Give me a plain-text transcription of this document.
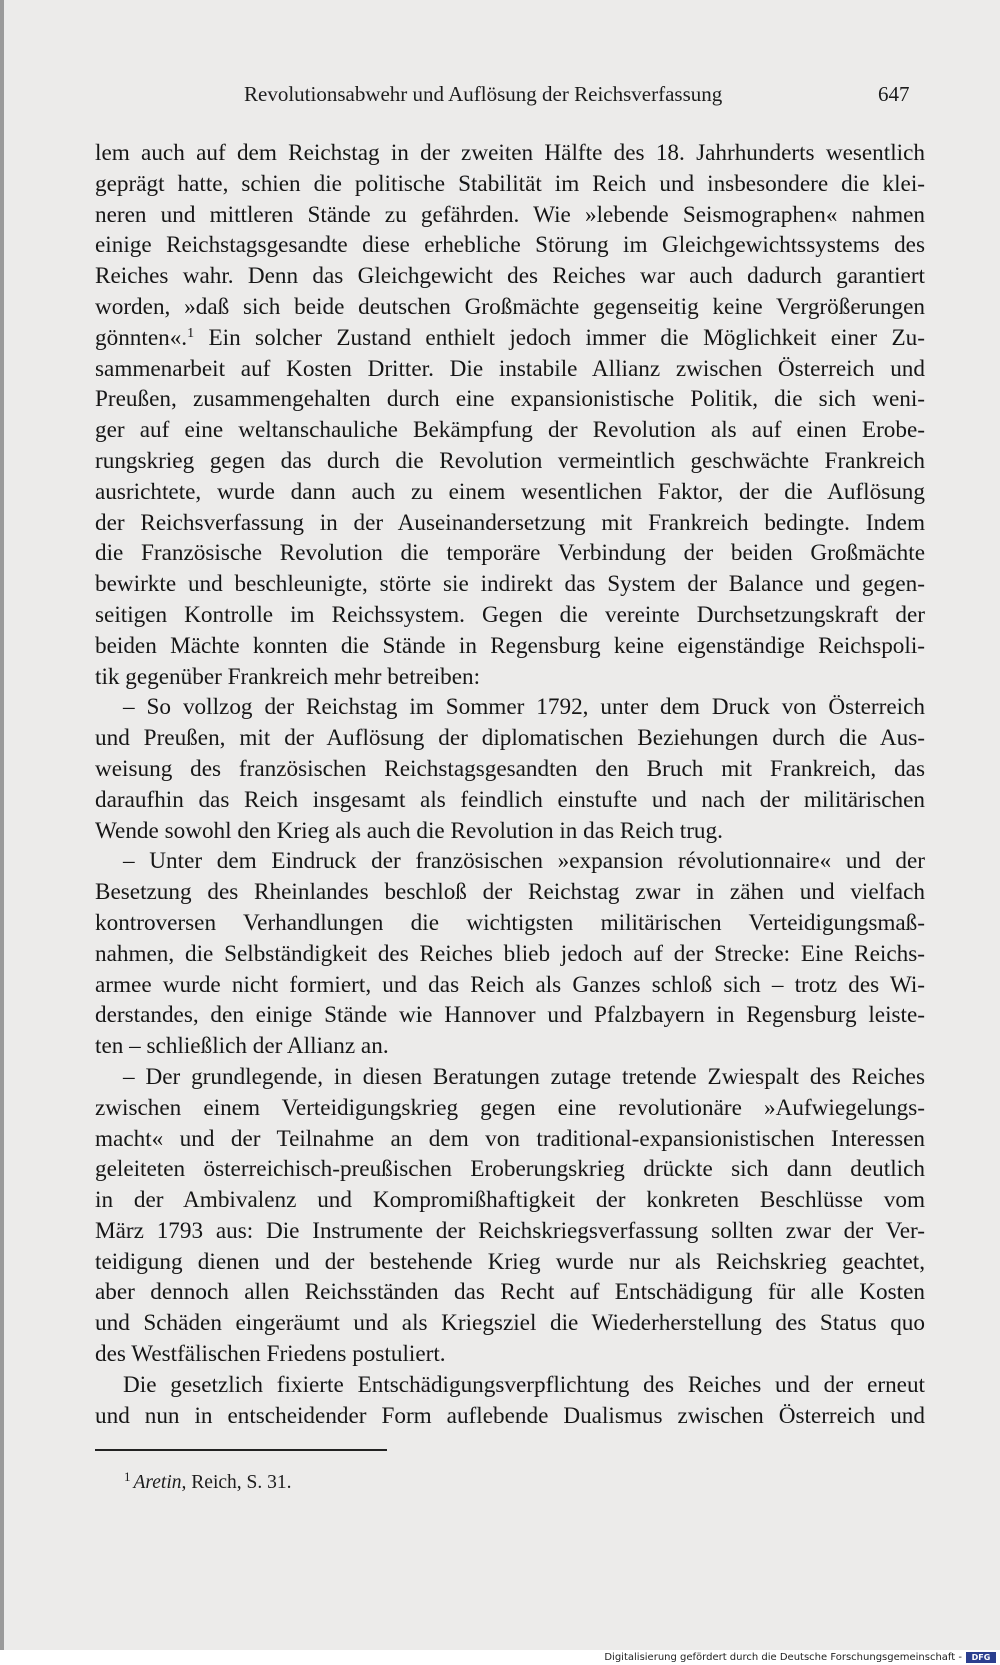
Revolutionsabwehr und Auflösung der Reichsverfassung	647
lem auch auf dem Reichstag in der zweiten Hälfte des 18. Jahrhunderts wesentlich
geprägt hatte, schien die politische Stabilität im Reich und insbesondere die klei-
neren und mittleren Stände zu gefährden. Wie »lebende Seismographen« nahmen
einige Reichstagsgesandte diese erhebliche Störung im Gleichgewichtssystems des
Reiches wahr. Denn das Gleichgewicht des Reiches war auch dadurch garantiert
worden, »daß sich beide deutschen Großmächte gegenseitig keine Vergrößerungen
gönnten«.$^1$ Ein solcher Zustand enthielt jedoch immer die Möglichkeit einer Zu-
sammenarbeit auf Kosten Dritter. Die instabile Allianz zwischen Österreich und
Preußen, zusammengehalten durch eine expansionistische Politik, die sich weni-
ger auf eine weltanschauliche Bekämpfung der Revolution als auf einen Erobe-
rungskrieg gegen das durch die Revolution vermeintlich geschwächte Frankreich
ausrichtete, wurde dann auch zu einem wesentlichen Faktor, der die Auflösung
der Reichsverfassung in der Auseinandersetzung mit Frankreich bedingte. Indem
die Französische Revolution die temporäre Verbindung der beiden Großmächte
bewirkte und beschleunigte, störte sie indirekt das System der Balance und gegen-
seitigen Kontrolle im Reichssystem. Gegen die vereinte Durchsetzungskraft der
beiden Mächte konnten die Stände in Regensburg keine eigenständige Reichspoli-
tik gegenüber Frankreich mehr betreiben:
– So vollzog der Reichstag im Sommer 1792, unter dem Druck von Österreich
und Preußen, mit der Auflösung der diplomatischen Beziehungen durch die Aus-
weisung des französischen Reichstagsgesandten den Bruch mit Frankreich, das
daraufhin das Reich insgesamt als feindlich einstufte und nach der militärischen
Wende sowohl den Krieg als auch die Revolution in das Reich trug.
– Unter dem Eindruck der französischen »expansion révolutionnaire« und der
Besetzung des Rheinlandes beschloß der Reichstag zwar in zähen und vielfach
kontroversen Verhandlungen die wichtigsten militärischen Verteidigungsmaß-
nahmen, die Selbständigkeit des Reiches blieb jedoch auf der Strecke: Eine Reichs-
armee wurde nicht formiert, und das Reich als Ganzes schloß sich – trotz des Wi-
derstandes, den einige Stände wie Hannover und Pfalzbayern in Regensburg leiste-
ten – schließlich der Allianz an.
– Der grundlegende, in diesen Beratungen zutage tretende Zwiespalt des Reiches
zwischen einem Verteidigungskrieg gegen eine revolutionäre »Aufwiegelungs-
macht« und der Teilnahme an dem von traditional-expansionistischen Interessen
geleiteten österreichisch-preußischen Eroberungskrieg drückte sich dann deutlich
in der Ambivalenz und Kompromißhaftigkeit der konkreten Beschlüsse vom
März 1793 aus: Die Instrumente der Reichskriegsverfassung sollten zwar der Ver-
teidigung dienen und der bestehende Krieg wurde nur als Reichskrieg geachtet,
aber dennoch allen Reichsständen das Recht auf Entschädigung für alle Kosten
und Schäden eingeräumt und als Kriegsziel die Wiederherstellung des Status quo
des Westfälischen Friedens postuliert.
Die gesetzlich fixierte Entschädigungsverpflichtung des Reiches und der erneut
und nun in entscheidender Form auflebende Dualismus zwischen Österreich und
$^1$ Aretin, Reich, S. 31.
Digitalisierung gefördert durch die Deutsche Forschungsgemeinschaft -	DFG
